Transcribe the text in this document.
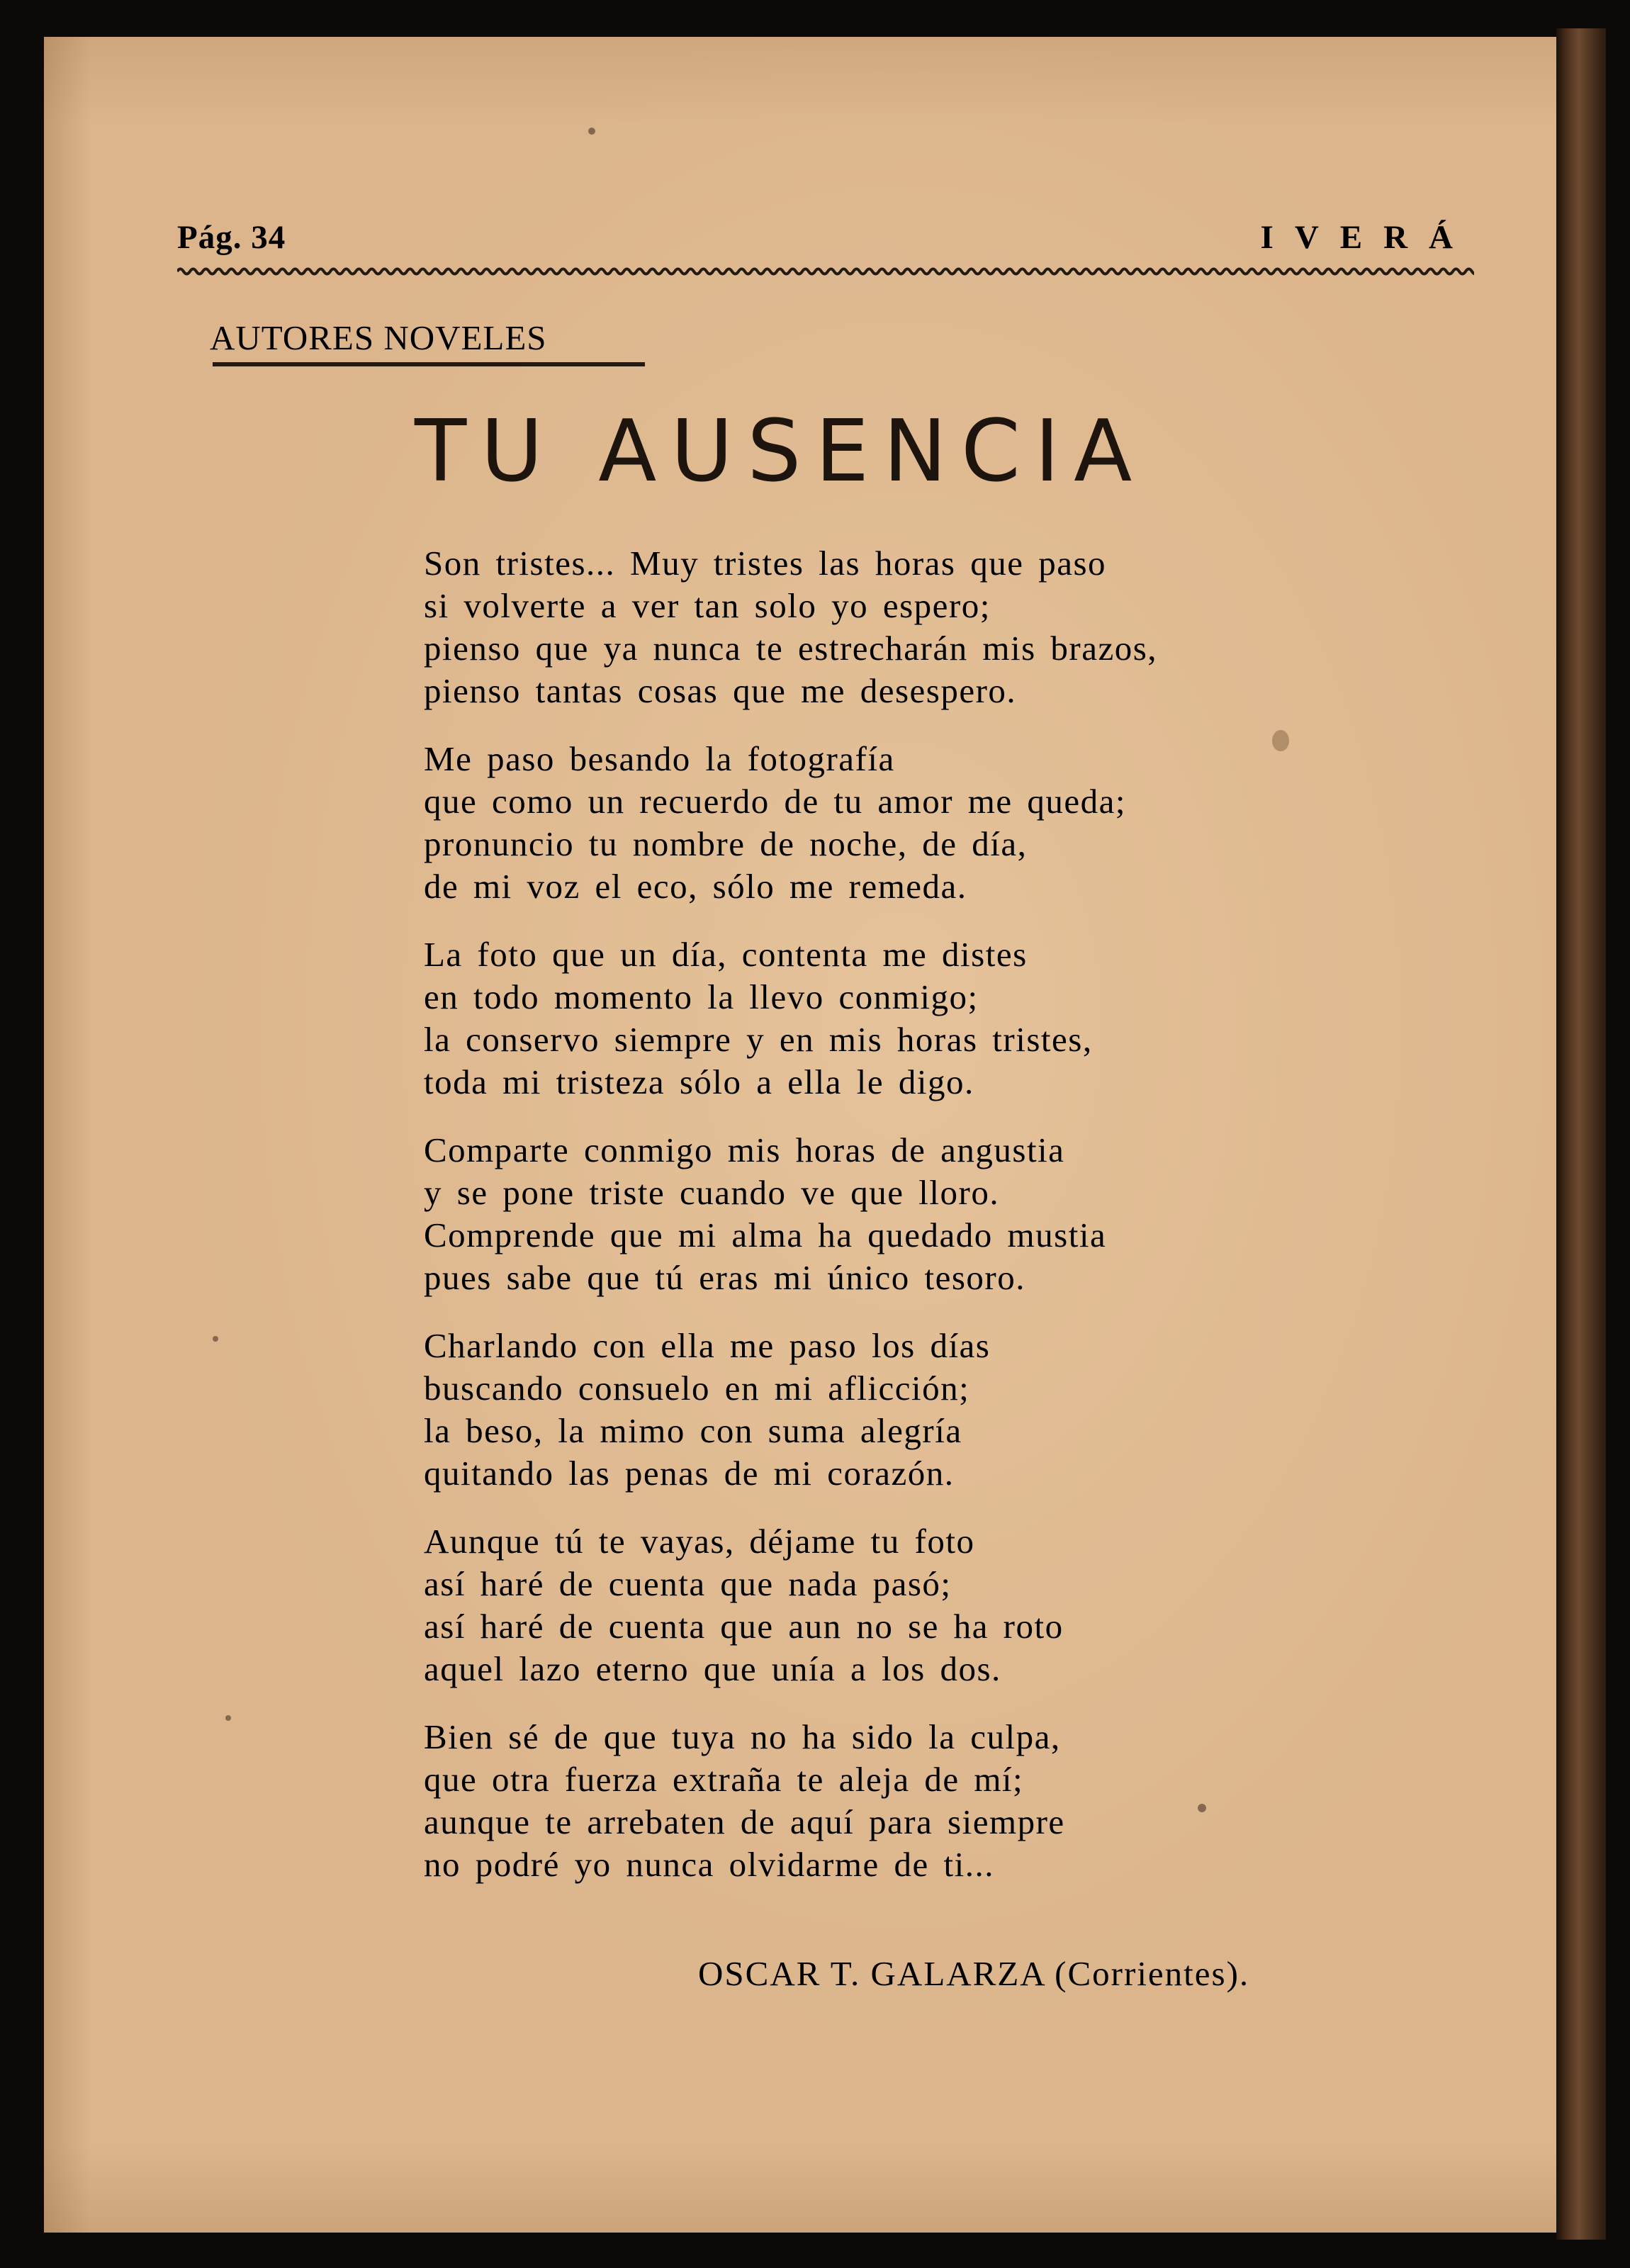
Pág. 34	IVERÁ
AUTORES NOVELES
TU AUSENCIA
Son tristes... Muy tristes las horas que paso
si volverte a ver tan solo yo espero;
pienso que ya nunca te estrecharán mis brazos,
pienso tantas cosas que me desespero.
Me paso besando la fotografía
que como un recuerdo de tu amor me queda;
pronuncio tu nombre de noche, de día,
de mi voz el eco, sólo me remeda.
La foto que un día, contenta me distes
en todo momento la llevo conmigo;
la conservo siempre y en mis horas tristes,
toda mi tristeza sólo a ella le digo.
Comparte conmigo mis horas de angustia
y se pone triste cuando ve que lloro.
Comprende que mi alma ha quedado mustia
pues sabe que tú eras mi único tesoro.
Charlando con ella me paso los días
buscando consuelo en mi aflicción;
la beso, la mimo con suma alegría
quitando las penas de mi corazón.
Aunque tú te vayas, déjame tu foto
así haré de cuenta que nada pasó;
así haré de cuenta que aun no se ha roto
aquel lazo eterno que unía a los dos.
Bien sé de que tuya no ha sido la culpa,
que otra fuerza extraña te aleja de mí;
aunque te arrebaten de aquí para siempre
no podré yo nunca olvidarme de ti...
OSCAR T. GALARZA (Corrientes).
